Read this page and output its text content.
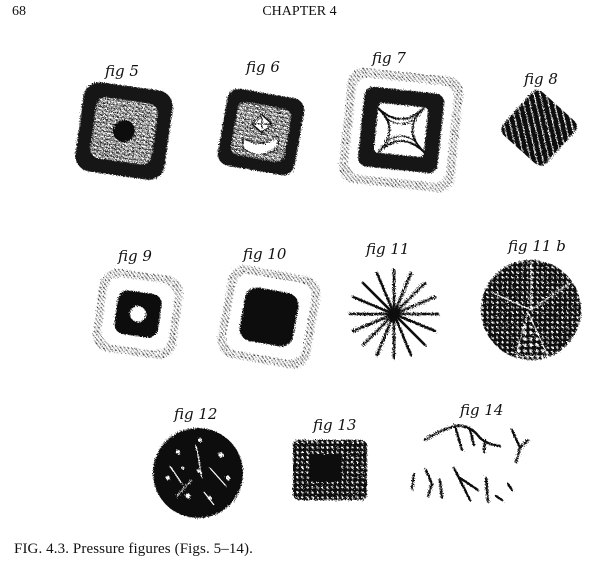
68	CHAPTER 4
fig 5	fig 6	fig 7
fig 8
fig 9	fig 10	fig 11	fig 11 b
fig 12
fig 13
fig 14
FIG. 4.3. Pressure figures (Figs. 5–14).
